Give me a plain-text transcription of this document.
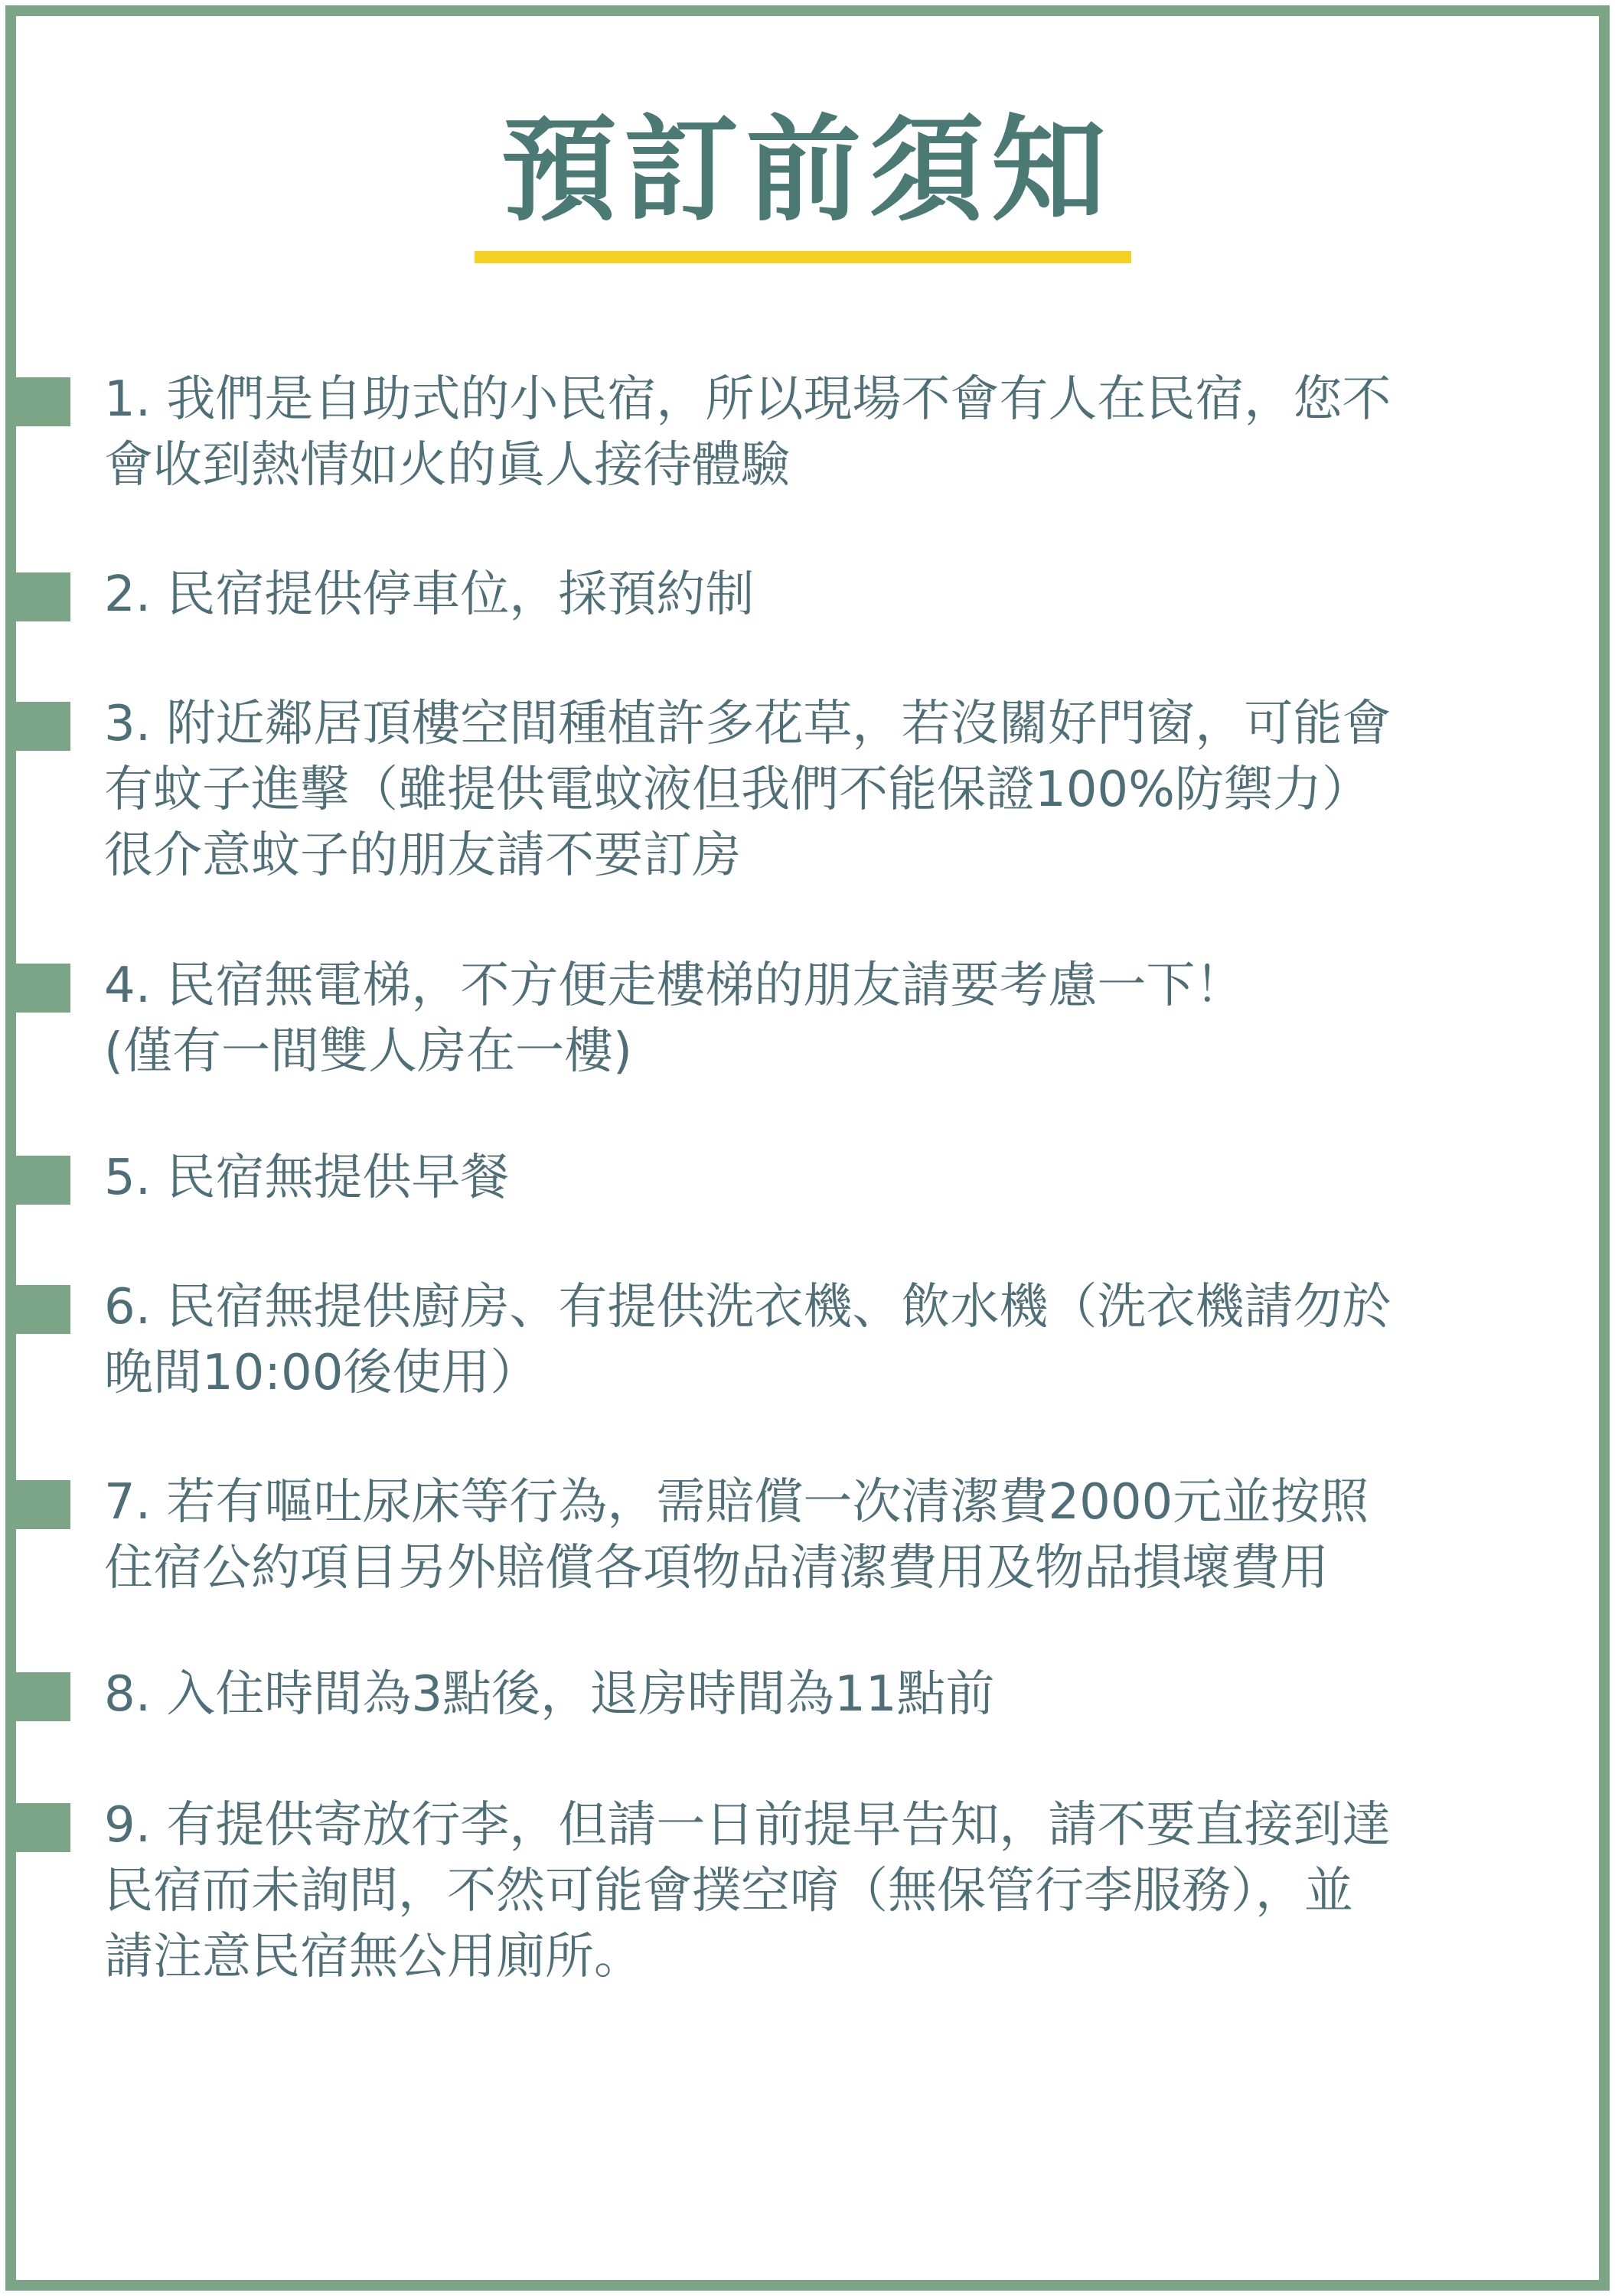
預訂前須知

1. 我們是自助式的小民宿，所以現場不會有人在民宿，您不
會收到熱情如火的眞人接待體驗

2. 民宿提供停車位，採預約制

3. 附近鄰居頂樓空間種植許多花草，若沒關好門窗，可能會
有蚊子進擊（雖提供電蚊液但我們不能保證100%防禦力）
很介意蚊子的朋友請不要訂房

4. 民宿無電梯，不方便走樓梯的朋友請要考慮一下！
(僅有一間雙人房在一樓)

5. 民宿無提供早餐

6. 民宿無提供廚房、有提供洗衣機、飲水機（洗衣機請勿於
晚間10:00後使用）

7. 若有嘔吐尿床等行為，需賠償一次清潔費2000元並按照
住宿公約項目另外賠償各項物品清潔費用及物品損壞費用

8. 入住時間為3點後，退房時間為11點前

9. 有提供寄放行李，但請一日前提早告知，請不要直接到達
民宿而未詢問，不然可能會撲空唷（無保管行李服務），並
請注意民宿無公用廁所。
